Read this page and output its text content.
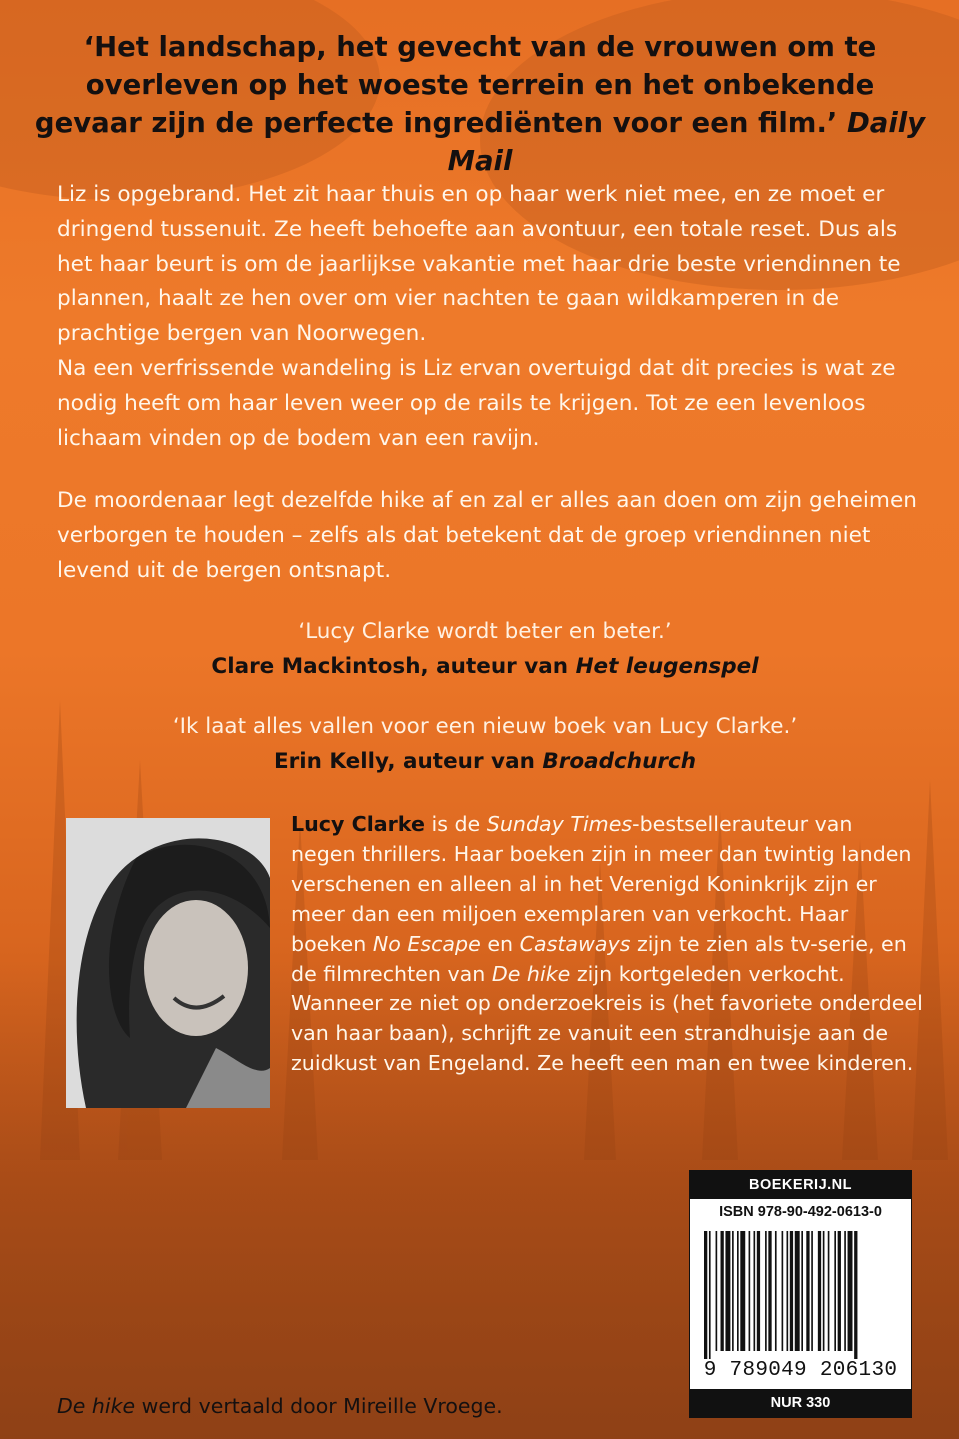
‘Het landschap, het gevecht van de vrouwen om te overleven op het woeste terrein en het onbekende gevaar zijn de perfecte ingrediënten voor een film.’ Daily Mail

Liz is opgebrand. Het zit haar thuis en op haar werk niet mee, en ze moet er dringend tussenuit. Ze heeft behoefte aan avontuur, een totale reset. Dus als het haar beurt is om de jaarlijkse vakantie met haar drie beste vriendinnen te plannen, haalt ze hen over om vier nachten te gaan wildkamperen in de prachtige bergen van Noorwegen.

Na een verfrissende wandeling is Liz ervan overtuigd dat dit precies is wat ze nodig heeft om haar leven weer op de rails te krijgen. Tot ze een levenloos lichaam vinden op de bodem van een ravijn.

De moordenaar legt dezelfde hike af en zal er alles aan doen om zijn geheimen verborgen te houden – zelfs als dat betekent dat de groep vriendinnen niet levend uit de bergen ontsnapt.

‘Lucy Clarke wordt beter en beter.’
Clare Mackintosh, auteur van Het leugenspel
‘Ik laat alles vallen voor een nieuw boek van Lucy Clarke.’
Erin Kelly, auteur van Broadchurch
Lucy Clarke is de Sunday Times-bestsellerauteur van negen thrillers. Haar boeken zijn in meer dan twintig landen verschenen en alleen al in het Verenigd Koninkrijk zijn er meer dan een miljoen exemplaren van verkocht. Haar boeken No Escape en Castaways zijn te zien als tv-serie, en de filmrechten van De hike zijn kortgeleden verkocht. Wanneer ze niet op onderzoekreis is (het favoriete onderdeel van haar baan), schrijft ze vanuit een strandhuisje aan de zuidkust van Engeland. Ze heeft een man en twee kinderen.
BOEKERIJ.NL
ISBN 978-90-492-0613-0
9 789049 206130
NUR 330
De hike werd vertaald door Mireille Vroege.
